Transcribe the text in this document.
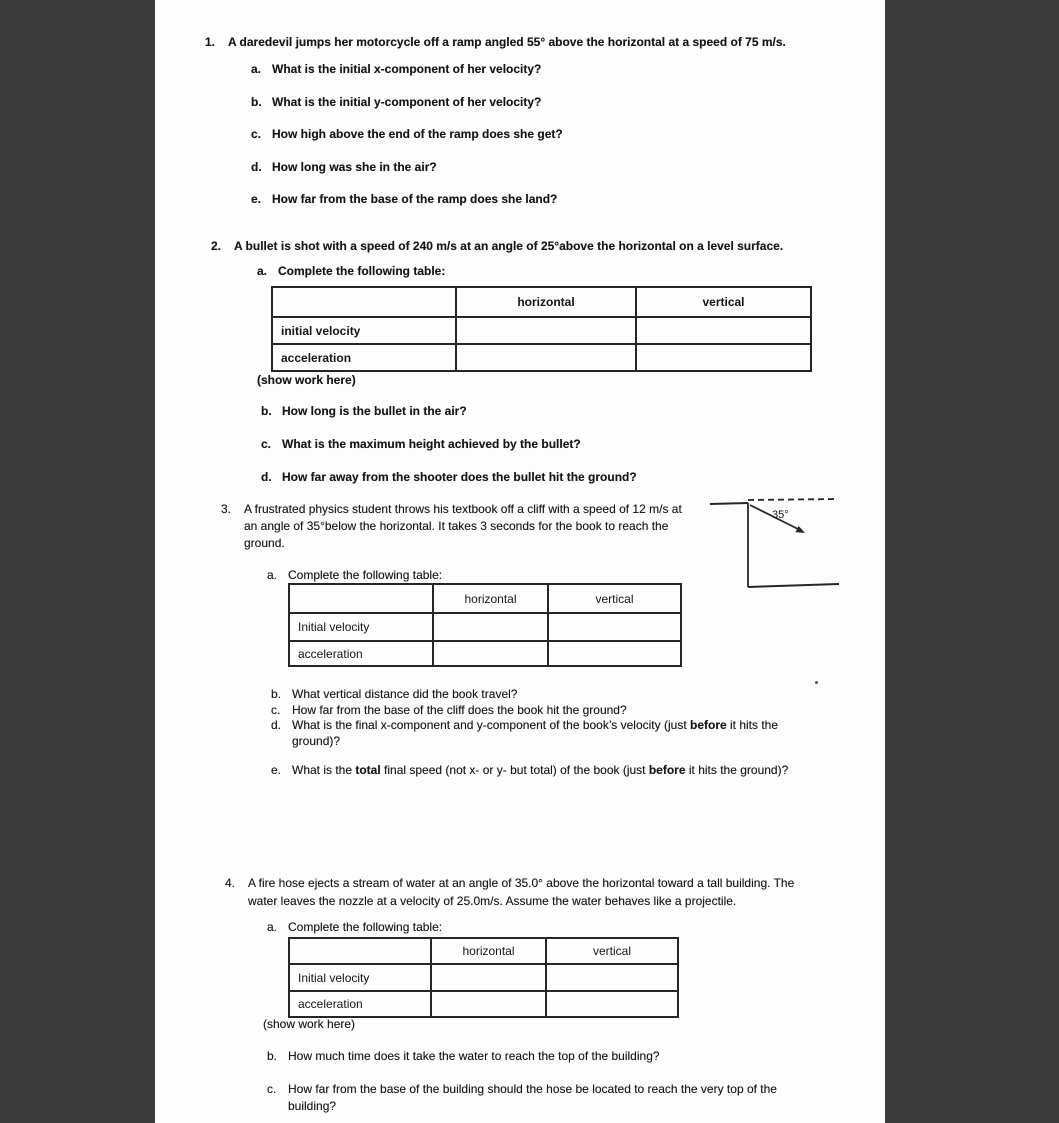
1. A daredevil jumps her motorcycle off a ramp angled 55° above the horizontal at a speed of 75 m/s.
a. What is the initial x-component of her velocity?
b. What is the initial y-component of her velocity?
c. How high above the end of the ramp does she get?
d. How long was she in the air?
e. How far from the base of the ramp does she land?
2. A bullet is shot with a speed of 240 m/s at an angle of 25°above the horizontal on a level surface.
a. Complete the following table:
	horizontal	vertical
initial velocity		
acceleration		
(show work here)
b. How long is the bullet in the air?
c. What is the maximum height achieved by the bullet?
d. How far away from the shooter does the bullet hit the ground?
3. A frustrated physics student throws his textbook off a cliff with a speed of 12 m/s at
an angle of 35°below the horizontal. It takes 3 seconds for the book to reach the
ground.
35°
a. Complete the following table:
	horizontal	vertical
Initial velocity		
acceleration		
b. What vertical distance did the book travel?
c. How far from the base of the cliff does the book hit the ground?
d. What is the final x-component and y-component of the book’s velocity (just before it hits the
ground)?
e. What is the total final speed (not x- or y- but total) of the book (just before it hits the ground)?
4. A fire hose ejects a stream of water at an angle of 35.0° above the horizontal toward a tall building. The
water leaves the nozzle at a velocity of 25.0m/s. Assume the water behaves like a projectile.
a. Complete the following table:
	horizontal	vertical
Initial velocity		
acceleration		
(show work here)
b. How much time does it take the water to reach the top of the building?
c. How far from the base of the building should the hose be located to reach the very top of the
building?
